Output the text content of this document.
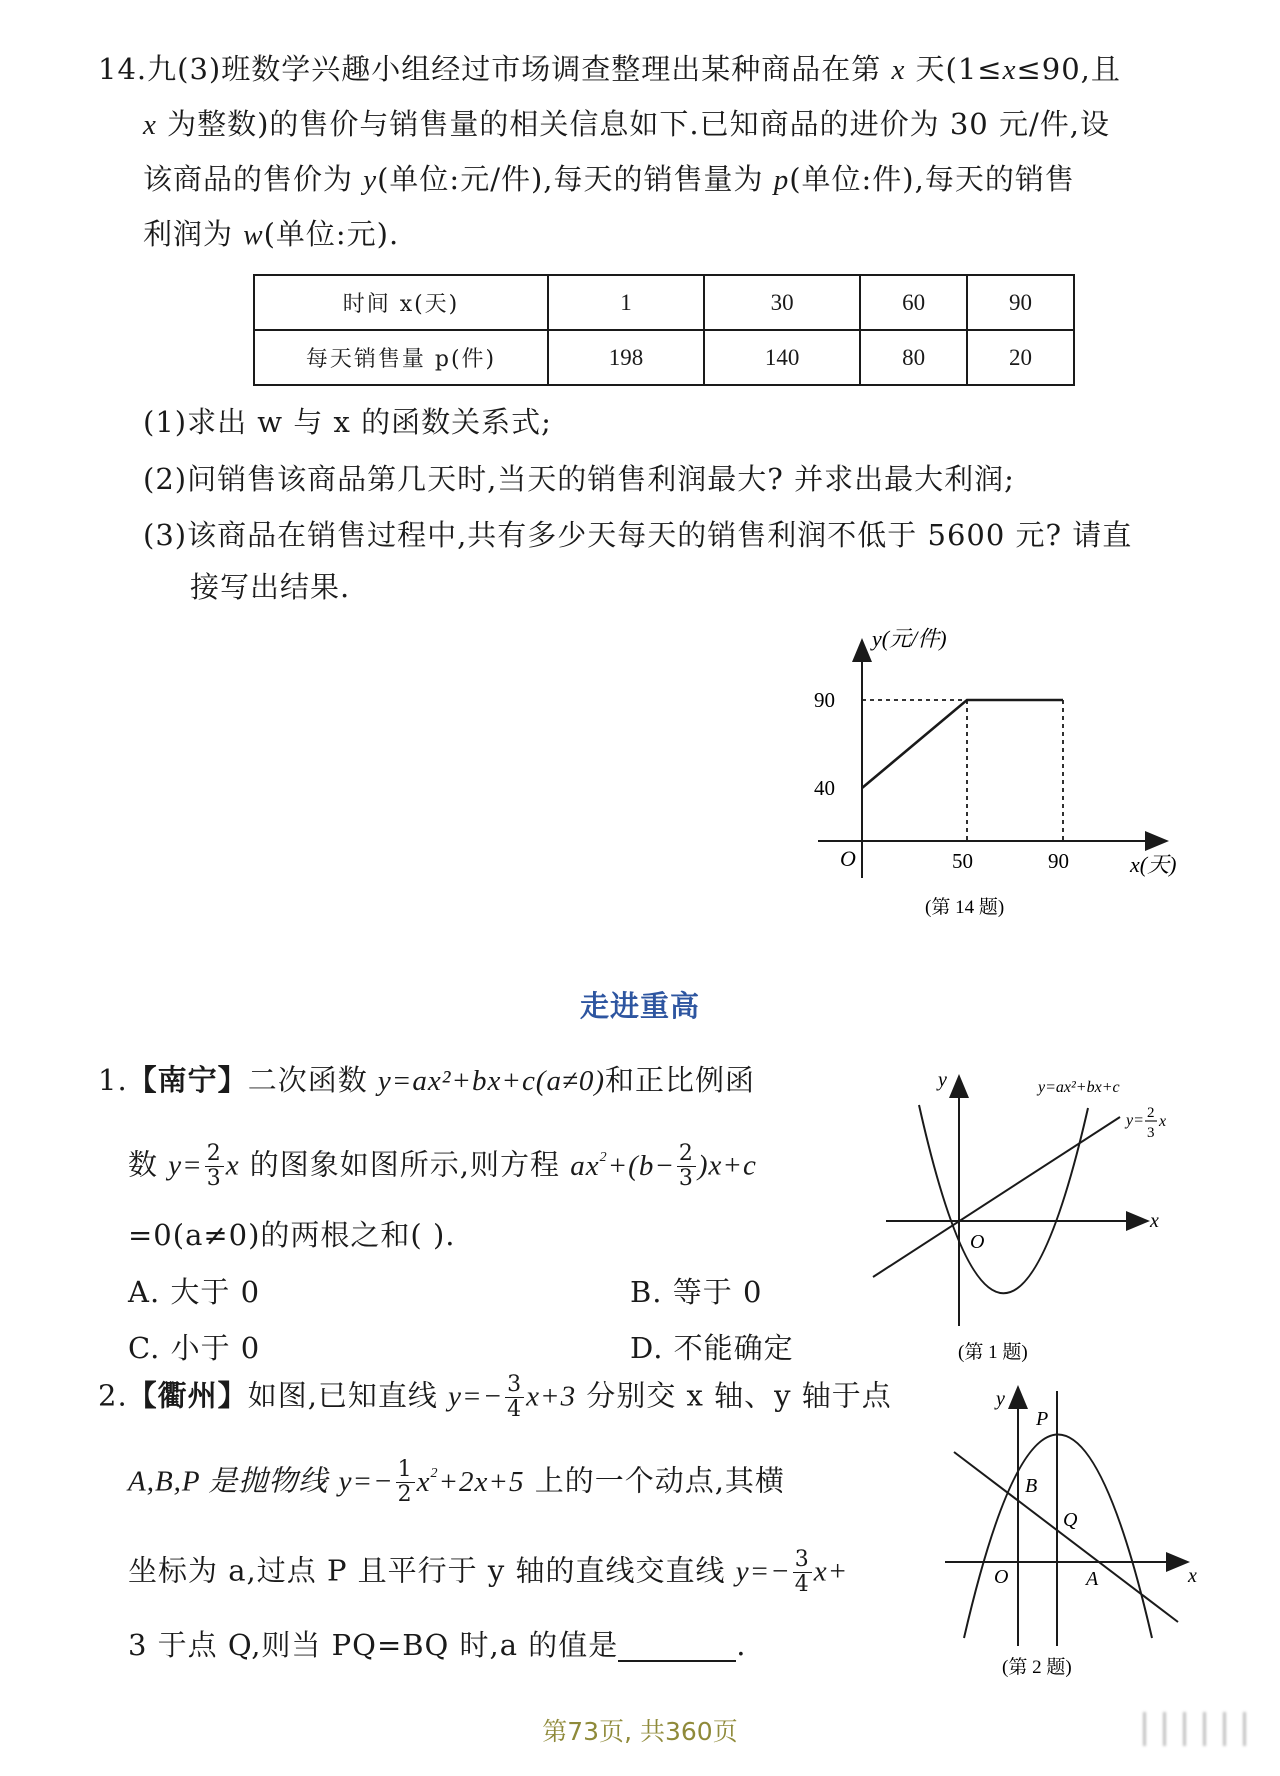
14.九(3)班数学兴趣小组经过市场调查整理出某种商品在第 x 天(1≤x≤90,且
x 为整数)的售价与销售量的相关信息如下.已知商品的进价为 30 元/件,设
该商品的售价为 y(单位:元/件),每天的销售量为 p(单位:件),每天的销售
利润为 w(单位:元).
时间 x(天)	1	30	60	90
每天销售量 p(件)	198	140	80	20
(1)求出 w 与 x 的函数关系式;
(2)问销售该商品第几天时,当天的销售利润最大? 并求出最大利润;
(3)该商品在销售过程中,共有多少天每天的销售利润不低于 5600 元? 请直
接写出结果.
y(元/件)
90
40
O	50	90	x(天)
(第 14 题)
走进重高
1.【南宁】二次函数 y=ax²+bx+c(a≠0)和正比例函
数 $y= \frac{2}{3}$ x 的图象如图所示,则方程 $ax^2+(b- \frac{2}{3} )x+c$
=0(a≠0)的两根之和( ).
A. 大于 0	B. 等于 0
C. 小于 0	D. 不能确定
y
x
O
y=ax²+bx+c
y= 2
3
x
(第 1 题)
2.【衢州】如图,已知直线 $y=- \frac{3}{4} x+3$ 分别交 x 轴、y 轴于点
A,B,P 是抛物线 $y=- \frac{1}{2} x^2+2x+5$ 上的一个动点,其横
坐标为 a,过点 P 且平行于 y 轴的直线交直线 $y=- \frac{3}{4} x+$
3 于点 Q,则当 PQ=BQ 时,a 的值是	.
y
P
B
Q
O	A	x
(第 2 题)
第73页, 共360页
